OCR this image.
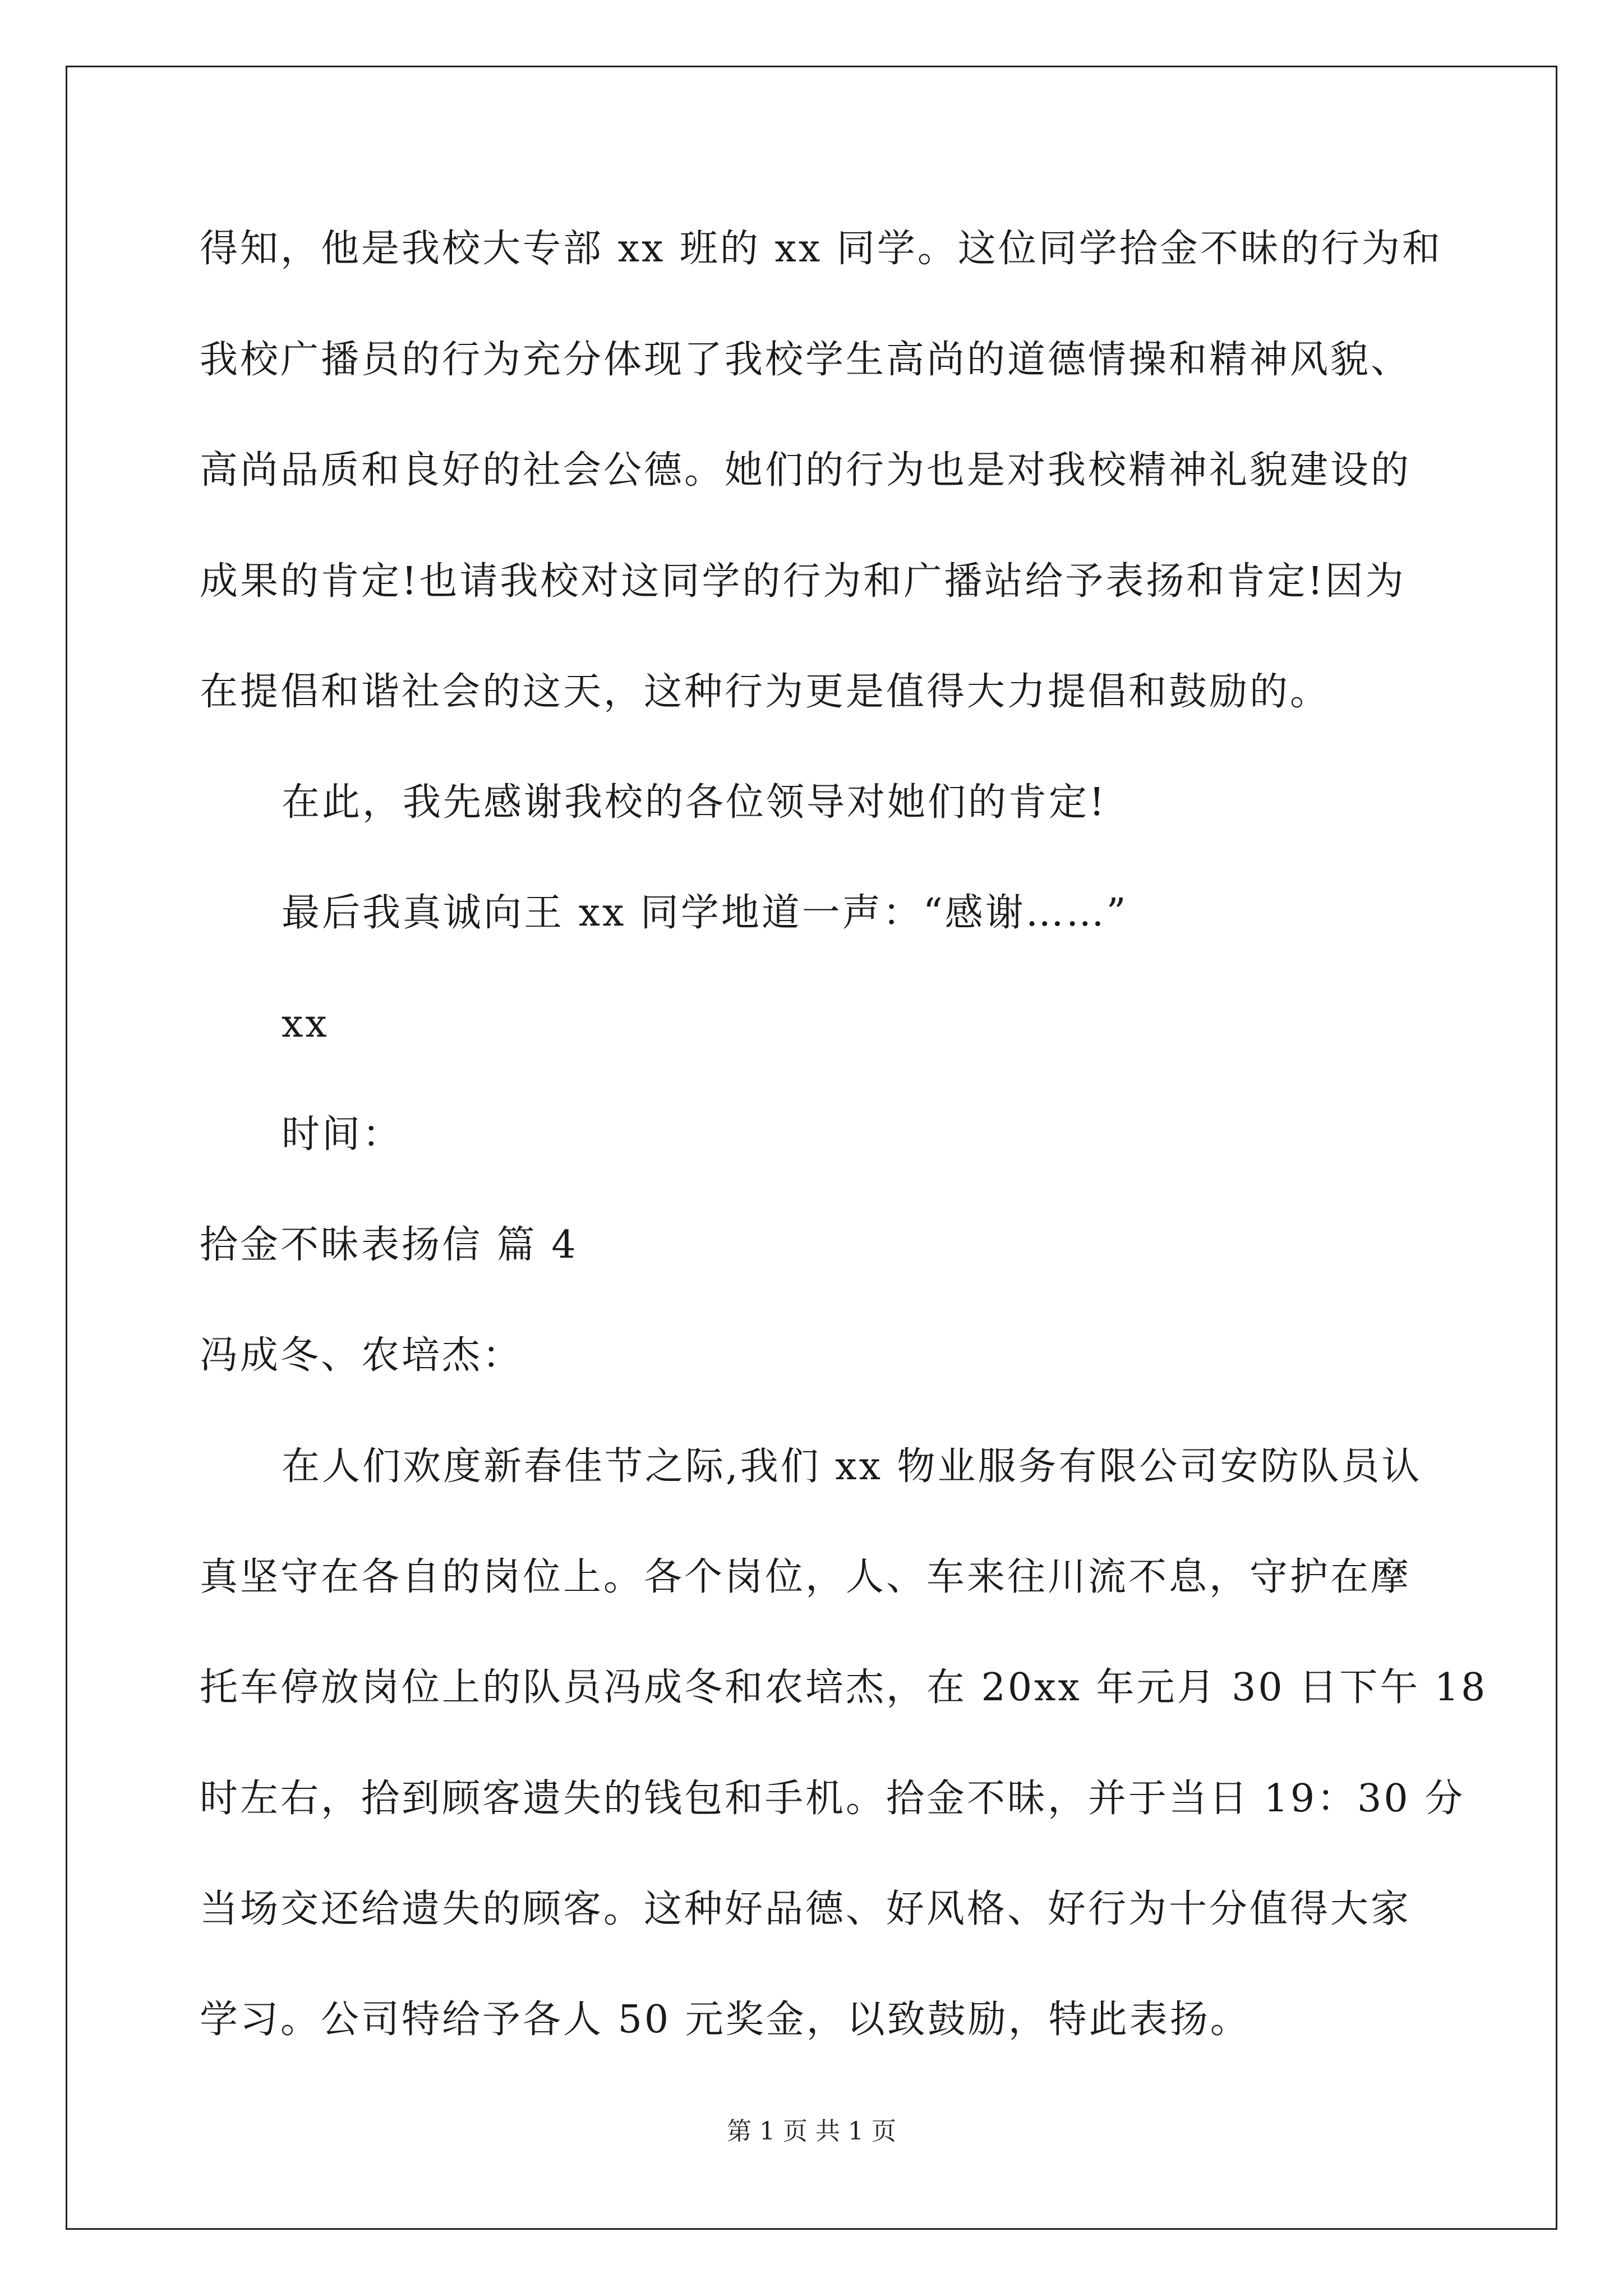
得知，他是我校大专部 xx 班的 xx 同学。这位同学拾金不昧的行为和
我校广播员的行为充分体现了我校学生高尚的道德情操和精神风貌、
高尚品质和良好的社会公德。她们的行为也是对我校精神礼貌建设的
成果的肯定!也请我校对这同学的行为和广播站给予表扬和肯定!因为
在提倡和谐社会的这天，这种行为更是值得大力提倡和鼓励的。
在此，我先感谢我校的各位领导对她们的肯定!
最后我真诚向王 xx 同学地道一声：“感谢……”
xx
时间：
拾金不昧表扬信 篇 4
冯成冬、农培杰：
在人们欢度新春佳节之际,我们 xx 物业服务有限公司安防队员认
真坚守在各自的岗位上。各个岗位，人、车来往川流不息，守护在摩
托车停放岗位上的队员冯成冬和农培杰，在 20xx 年元月 30 日下午 18
时左右，拾到顾客遗失的钱包和手机。拾金不昧，并于当日 19：30 分
当场交还给遗失的顾客。这种好品德、好风格、好行为十分值得大家
学习。公司特给予各人 50 元奖金，以致鼓励，特此表扬。
第 1 页 共 1 页
